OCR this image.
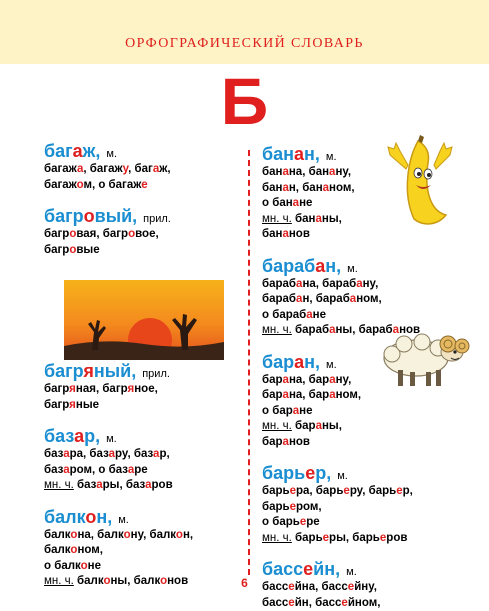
ОРФОГРАФИЧЕСКИЙ СЛОВАРЬ
Б
багаж, м.
багажа, багажу, багаж,
багажом, о багаже
багровый, прил.
багровая, багровое,
багровые
багряный, прил.
багряная, багряное,
багряные
базар, м.
базара, базару, базар,
базаром, о базаре
мн. ч. базары, базаров
балкон, м.
балкона, балкону, балкон,
балконом,
о балконе
мн. ч. балконы, балконов
банан, м.
банана, банану,
банан, бананом,
о банане
мн. ч. бананы,
бананов
барабан, м.
барабана, барабану,
барабан, барабаном,
о барабане
мн. ч. барабаны, барабанов
баран, м.
барана, барану,
барана, бараном,
о баране
мн. ч. бараны,
баранов
барьер, м.
барьера, барьеру, барьер,
барьером,
о барьере
мн. ч. барьеры, барьеров
бассейн, м.
бассейна, бассейну,
бассейн, бассейном,
6
